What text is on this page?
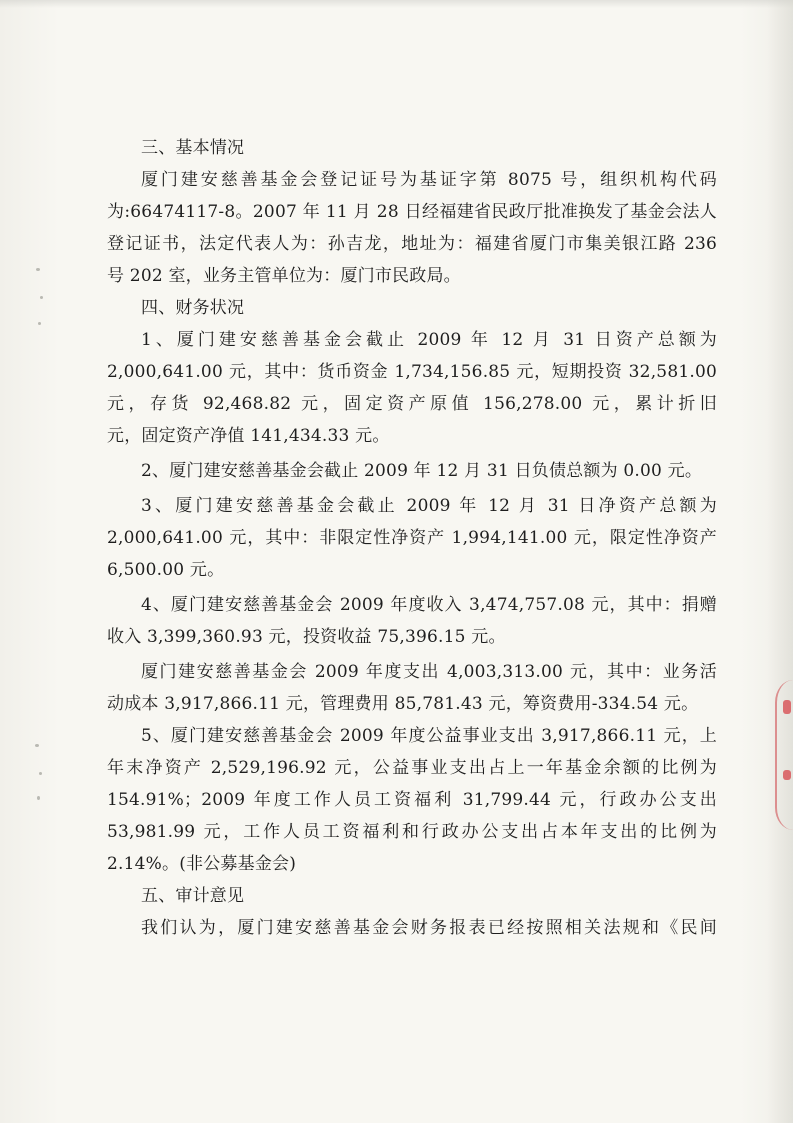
三、基本情况
厦门建安慈善基金会登记证号为基证字第 8075 号，组织机构代码
为:66474117-8。2007 年 11 月 28 日经福建省民政厅批准换发了基金会法人
登记证书，法定代表人为：孙吉龙，地址为：福建省厦门市集美银江路 236
号 202 室，业务主管单位为：厦门市民政局。
四、财务状况
1、厦门建安慈善基金会截止 2009 年 12 月 31 日资产总额为
2,000,641.00 元，其中：货币资金 1,734,156.85 元，短期投资 32,581.00
元，存货 92,468.82 元，固定资产原值 156,278.00 元，累计折旧
元，固定资产净值 141,434.33 元。
2、厦门建安慈善基金会截止 2009 年 12 月 31 日负债总额为 0.00 元。
3、厦门建安慈善基金会截止 2009 年 12 月 31 日净资产总额为
2,000,641.00 元，其中：非限定性净资产 1,994,141.00 元，限定性净资产
6,500.00 元。
4、厦门建安慈善基金会 2009 年度收入 3,474,757.08 元，其中：捐赠
收入 3,399,360.93 元，投资收益 75,396.15 元。
厦门建安慈善基金会 2009 年度支出 4,003,313.00 元，其中：业务活
动成本 3,917,866.11 元，管理费用 85,781.43 元，筹资费用-334.54 元。
5、厦门建安慈善基金会 2009 年度公益事业支出 3,917,866.11 元，上
年末净资产 2,529,196.92 元，公益事业支出占上一年基金余额的比例为
154.91%；2009 年度工作人员工资福利 31,799.44 元，行政办公支出
53,981.99 元，工作人员工资福利和行政办公支出占本年支出的比例为
2.14%。(非公募基金会)
五、审计意见
我们认为，厦门建安慈善基金会财务报表已经按照相关法规和《民间
